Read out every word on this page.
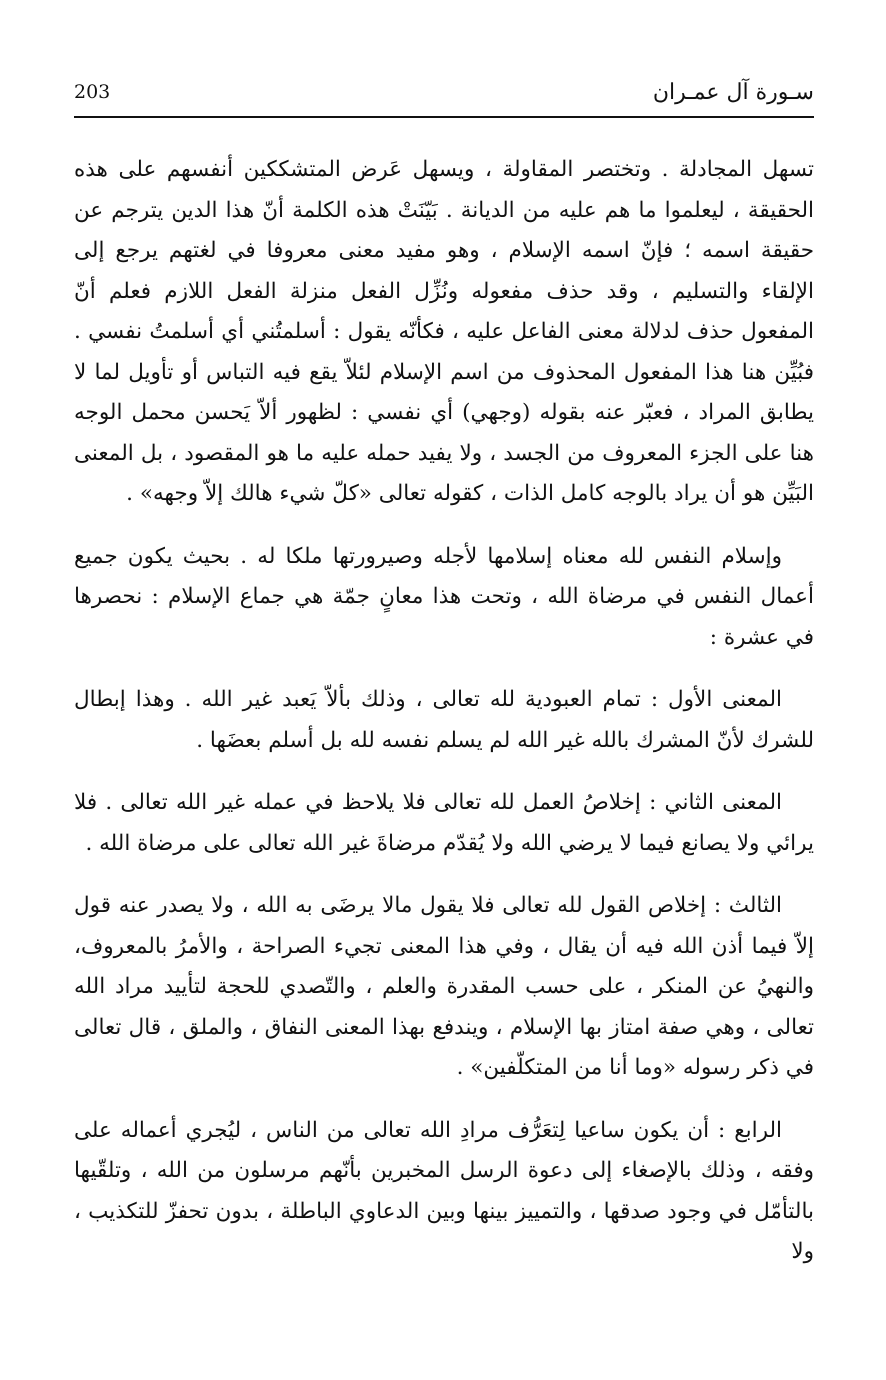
203	سـورة آل عمـران

تسهل المجادلة . وتختصر المقاولة ، ويسهل عَرض المتشككين أنفسهم على هذه الحقيقة ، ليعلموا ما هم عليه من الديانة . بَيّنَتْ هذه الكلمة أنّ هذا الدين يترجم عن حقيقة اسمه ؛ فإنّ اسمه الإسلام ، وهو مفيد معنى معروفا في لغتهم يرجع إلى الإلقاء والتسليم ، وقد حذف مفعوله ونُزِّل الفعل منزلة الفعل اللازم فعلم أنّ المفعول حذف لدلالة معنى الفاعل عليه ، فكأنّه يقول : أسلمتُني أي أسلمتُ نفسي . فبُيِّن هنا هذا المفعول المحذوف من اسم الإسلام لئلاّ يقع فيه التباس أو تأويل لما لا يطابق المراد ، فعبّر عنه بقوله (وجهي) أي نفسي : لظهور ألاّ يَحسن محمل الوجه هنا على الجزء المعروف من الجسد ، ولا يفيد حمله عليه ما هو المقصود ، بل المعنى البَيِّن هو أن يراد بالوجه كامل الذات ، كقوله تعالى «كلّ شيء هالك إلاّ وجهه» .

وإسلام النفس لله معناه إسلامها لأجله وصيرورتها ملكا له . بحيث يكون جميع أعمال النفس في مرضاة الله ، وتحت هذا معانٍ جمّة هي جماع الإسلام : نحصرها في عشرة :

المعنى الأول : تمام العبودية لله تعالى ، وذلك بألاّ يَعبد غير الله . وهذا إبطال للشرك لأنّ المشرك بالله غير الله لم يسلم نفسه لله بل أسلم بعضَها .

المعنى الثاني : إخلاصُ العمل لله تعالى فلا يلاحظ في عمله غير الله تعالى . فلا يرائي ولا يصانع فيما لا يرضي الله ولا يُقدّم مرضاةَ غير الله تعالى على مرضاة الله .

الثالث : إخلاص القول لله تعالى فلا يقول مالا يرضَى به الله ، ولا يصدر عنه قول إلاّ فيما أذن الله فيه أن يقال ، وفي هذا المعنى تجيء الصراحة ، والأمرُ بالمعروف، والنهيُ عن المنكر ، على حسب المقدرة والعلم ، والتّصدي للحجة لتأييد مراد الله تعالى ، وهي صفة امتاز بها الإسلام ، ويندفع بهذا المعنى النفاق ، والملق ، قال تعالى في ذكر رسوله «وما أنا من المتكلّفين» .

الرابع : أن يكون ساعيا لِتعَرُّف مرادِ الله تعالى من الناس ، ليُجري أعماله على وفقه ، وذلك بالإصغاء إلى دعوة الرسل المخبرين بأنّهم مرسلون من الله ، وتلقّيها بالتأمّل في وجود صدقها ، والتمييز بينها وبين الدعاوي الباطلة ، بدون تحفزّ للتكذيب ، ولا
